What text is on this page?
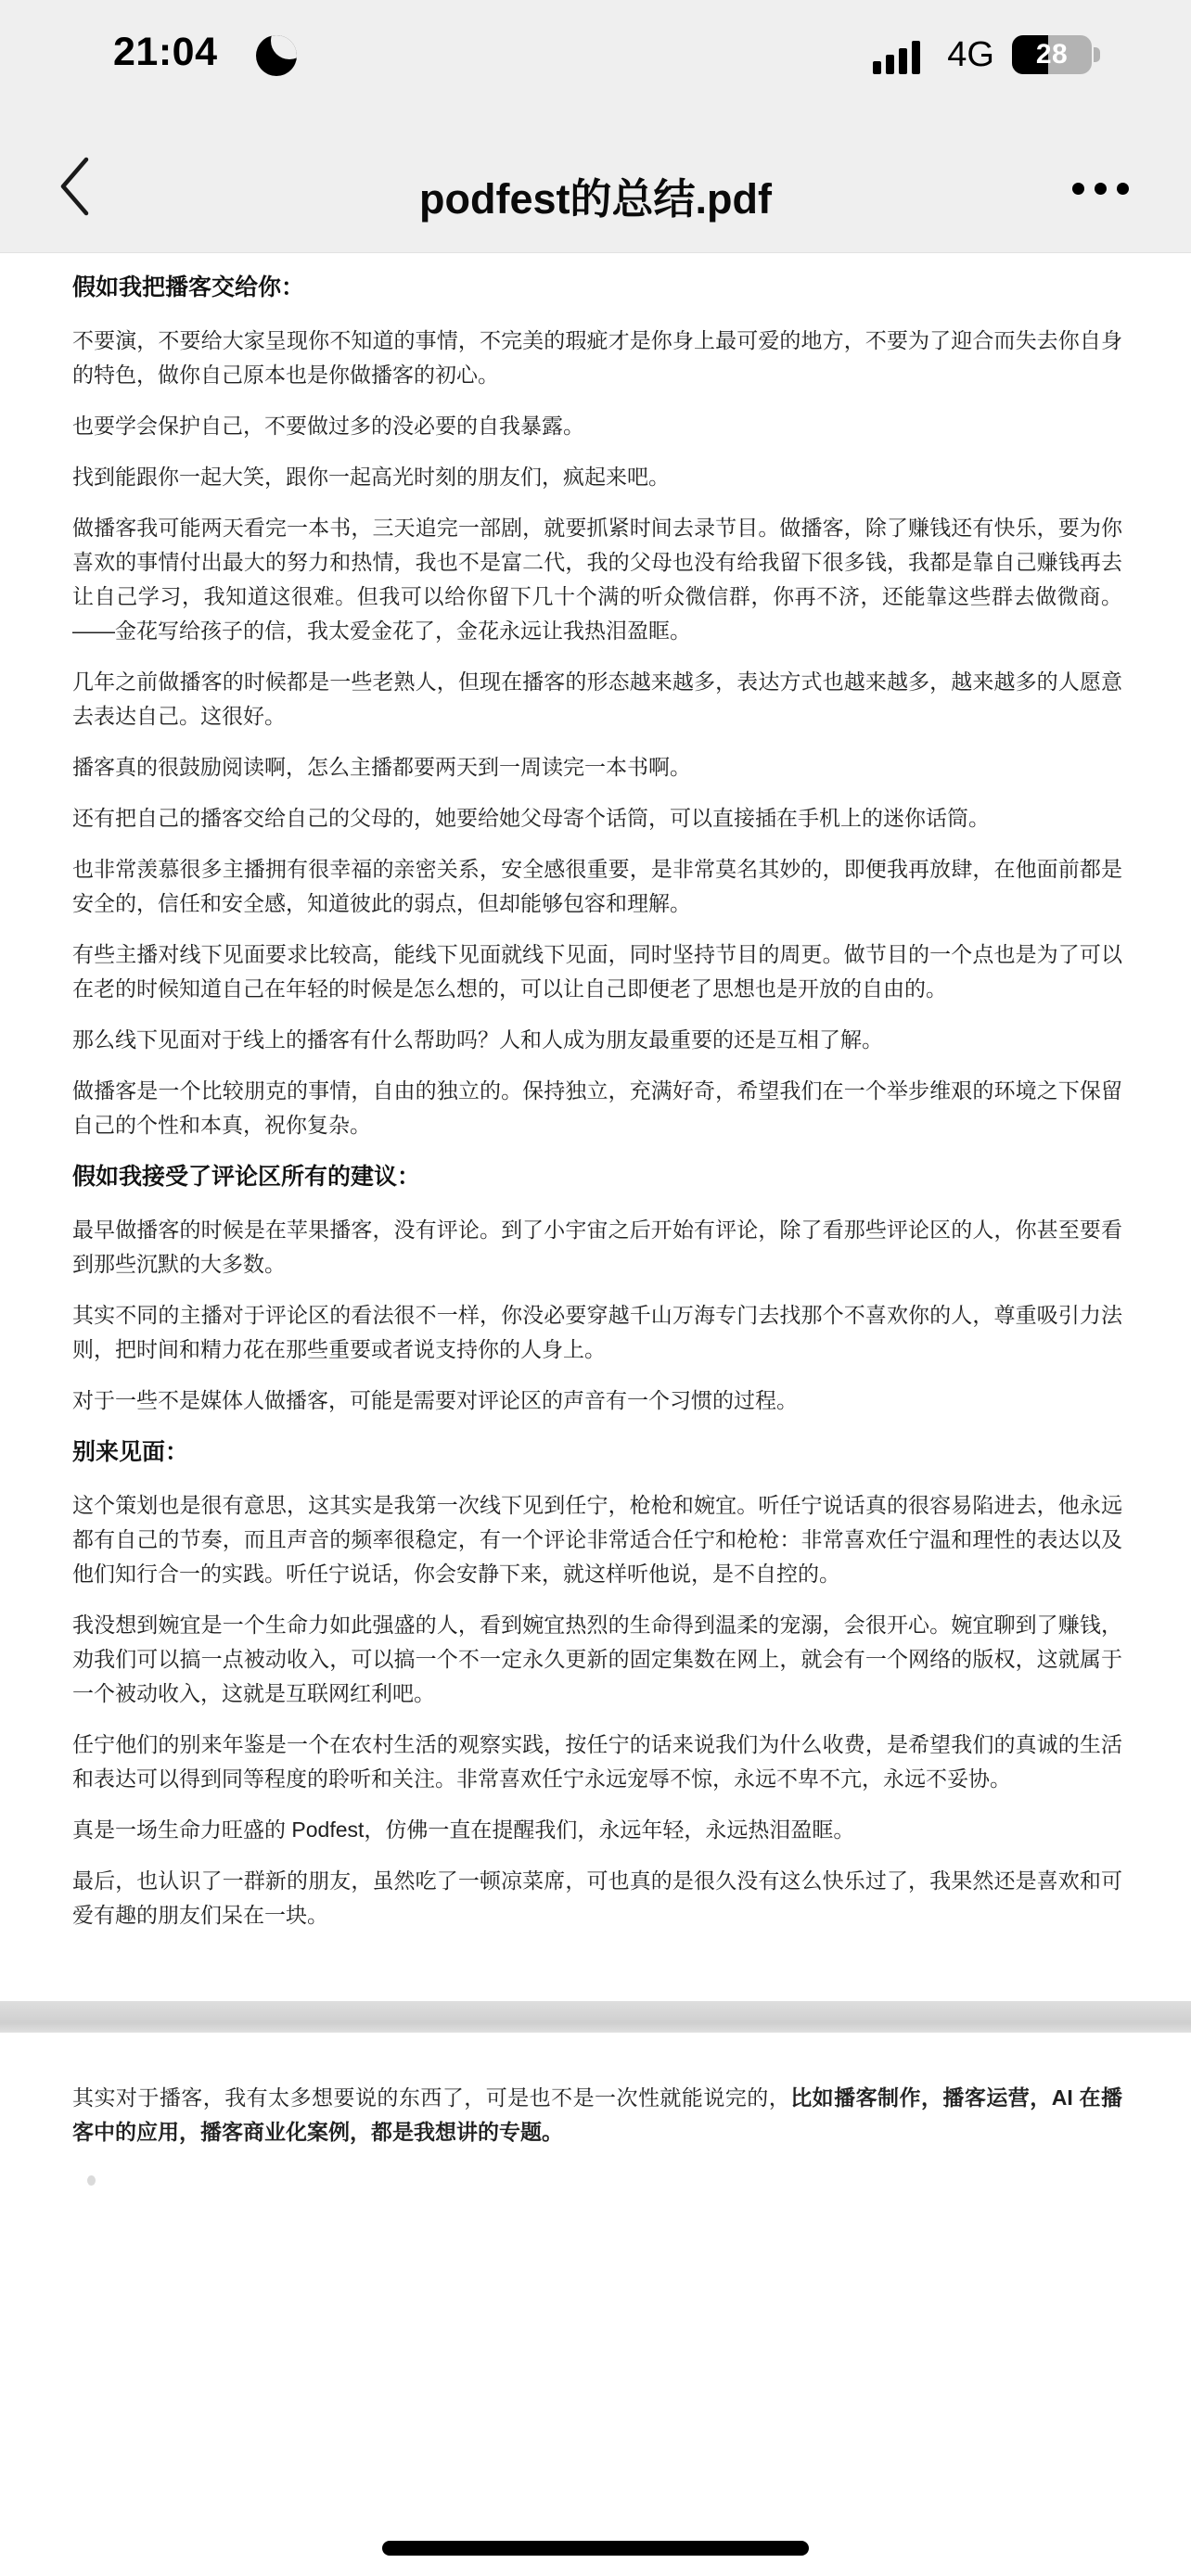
21:04	4G	28
podfest的总结.pdf
假如我把播客交给你：

不要演，不要给大家呈现你不知道的事情，不完美的瑕疵才是你身上最可爱的地方，不要为了迎合而失去你自身的特色，做你自己原本也是你做播客的初心。

也要学会保护自己，不要做过多的没必要的自我暴露。

找到能跟你一起大笑，跟你一起高光时刻的朋友们，疯起来吧。

做播客我可能两天看完一本书，三天追完一部剧，就要抓紧时间去录节目。做播客，除了赚钱还有快乐，要为你喜欢的事情付出最大的努力和热情，我也不是富二代，我的父母也没有给我留下很多钱，我都是靠自己赚钱再去让自己学习，我知道这很难。但我可以给你留下几十个满的听众微信群，你再不济，还能靠这些群去做微商。——金花写给孩子的信，我太爱金花了，金花永远让我热泪盈眶。

几年之前做播客的时候都是一些老熟人，但现在播客的形态越来越多，表达方式也越来越多，越来越多的人愿意去表达自己。这很好。

播客真的很鼓励阅读啊，怎么主播都要两天到一周读完一本书啊。

还有把自己的播客交给自己的父母的，她要给她父母寄个话筒，可以直接插在手机上的迷你话筒。

也非常羡慕很多主播拥有很幸福的亲密关系，安全感很重要，是非常莫名其妙的，即便我再放肆，在他面前都是安全的，信任和安全感，知道彼此的弱点，但却能够包容和理解。

有些主播对线下见面要求比较高，能线下见面就线下见面，同时坚持节目的周更。做节目的一个点也是为了可以在老的时候知道自己在年轻的时候是怎么想的，可以让自己即便老了思想也是开放的自由的。

那么线下见面对于线上的播客有什么帮助吗？人和人成为朋友最重要的还是互相了解。

做播客是一个比较朋克的事情，自由的独立的。保持独立，充满好奇，希望我们在一个举步维艰的环境之下保留自己的个性和本真，祝你复杂。

假如我接受了评论区所有的建议：

最早做播客的时候是在苹果播客，没有评论。到了小宇宙之后开始有评论，除了看那些评论区的人，你甚至要看到那些沉默的大多数。

其实不同的主播对于评论区的看法很不一样，你没必要穿越千山万海专门去找那个不喜欢你的人，尊重吸引力法则，把时间和精力花在那些重要或者说支持你的人身上。

对于一些不是媒体人做播客，可能是需要对评论区的声音有一个习惯的过程。

别来见面：

这个策划也是很有意思，这其实是我第一次线下见到任宁，枪枪和婉宜。听任宁说话真的很容易陷进去，他永远都有自己的节奏，而且声音的频率很稳定，有一个评论非常适合任宁和枪枪：非常喜欢任宁温和理性的表达以及他们知行合一的实践。听任宁说话，你会安静下来，就这样听他说，是不自控的。

我没想到婉宜是一个生命力如此强盛的人，看到婉宜热烈的生命得到温柔的宠溺，会很开心。婉宜聊到了赚钱，劝我们可以搞一点被动收入，可以搞一个不一定永久更新的固定集数在网上，就会有一个网络的版权，这就属于一个被动收入，这就是互联网红利吧。

任宁他们的别来年鉴是一个在农村生活的观察实践，按任宁的话来说我们为什么收费，是希望我们的真诚的生活和表达可以得到同等程度的聆听和关注。非常喜欢任宁永远宠辱不惊，永远不卑不亢，永远不妥协。

真是一场生命力旺盛的 Podfest，仿佛一直在提醒我们，永远年轻，永远热泪盈眶。

最后，也认识了一群新的朋友，虽然吃了一顿凉菜席，可也真的是很久没有这么快乐过了，我果然还是喜欢和可爱有趣的朋友们呆在一块。

其实对于播客，我有太多想要说的东西了，可是也不是一次性就能说完的，比如播客制作，播客运营，AI 在播客中的应用，播客商业化案例，都是我想讲的专题。
